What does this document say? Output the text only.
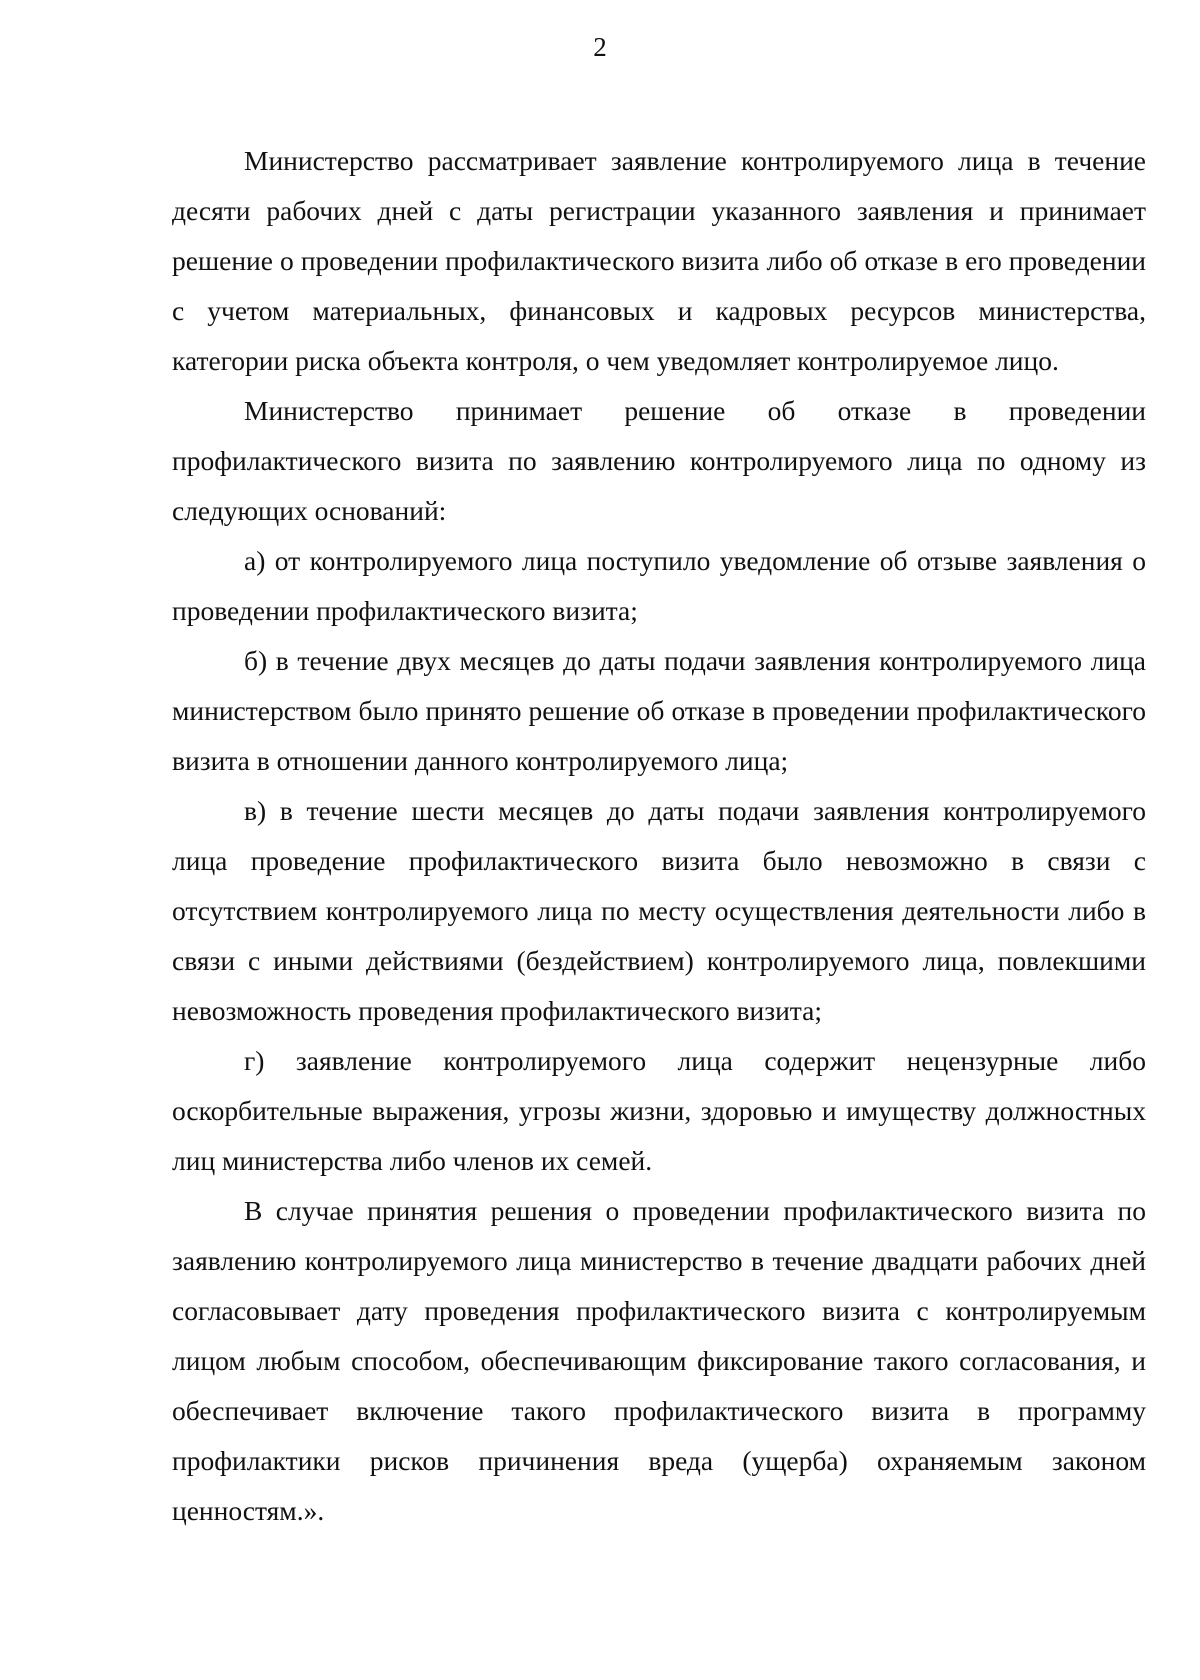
2

Министерство рассматривает заявление контролируемого лица в течение десяти рабочих дней с даты регистрации указанного заявления и принимает решение о проведении профилактического визита либо об отказе в его проведении с учетом материальных, финансовых и кадровых ресурсов министерства, категории риска объекта контроля, о чем уведомляет контролируемое лицо.

Министерство принимает решение об отказе в проведении профилактического визита по заявлению контролируемого лица по одному из следующих оснований:

а) от контролируемого лица поступило уведомление об отзыве заявления о проведении профилактического визита;

б) в течение двух месяцев до даты подачи заявления контролируемого лица министерством было принято решение об отказе в проведении профилактического визита в отношении данного контролируемого лица;

в) в течение шести месяцев до даты подачи заявления контролируемого лица проведение профилактического визита было невозможно в связи с отсутствием контролируемого лица по месту осуществления деятельности либо в связи с иными действиями (бездействием) контролируемого лица, повлекшими невозможность проведения профилактического визита;

г) заявление контролируемого лица содержит нецензурные либо оскорбительные выражения, угрозы жизни, здоровью и имуществу должностных лиц министерства либо членов их семей.

В случае принятия решения о проведении профилактического визита по заявлению контролируемого лица министерство в течение двадцати рабочих дней согласовывает дату проведения профилактического визита с контролируемым лицом любым способом, обеспечивающим фиксирование такого согласования, и обеспечивает включение такого профилактического визита в программу профилактики рисков причинения вреда (ущерба) охраняемым законом ценностям.».
